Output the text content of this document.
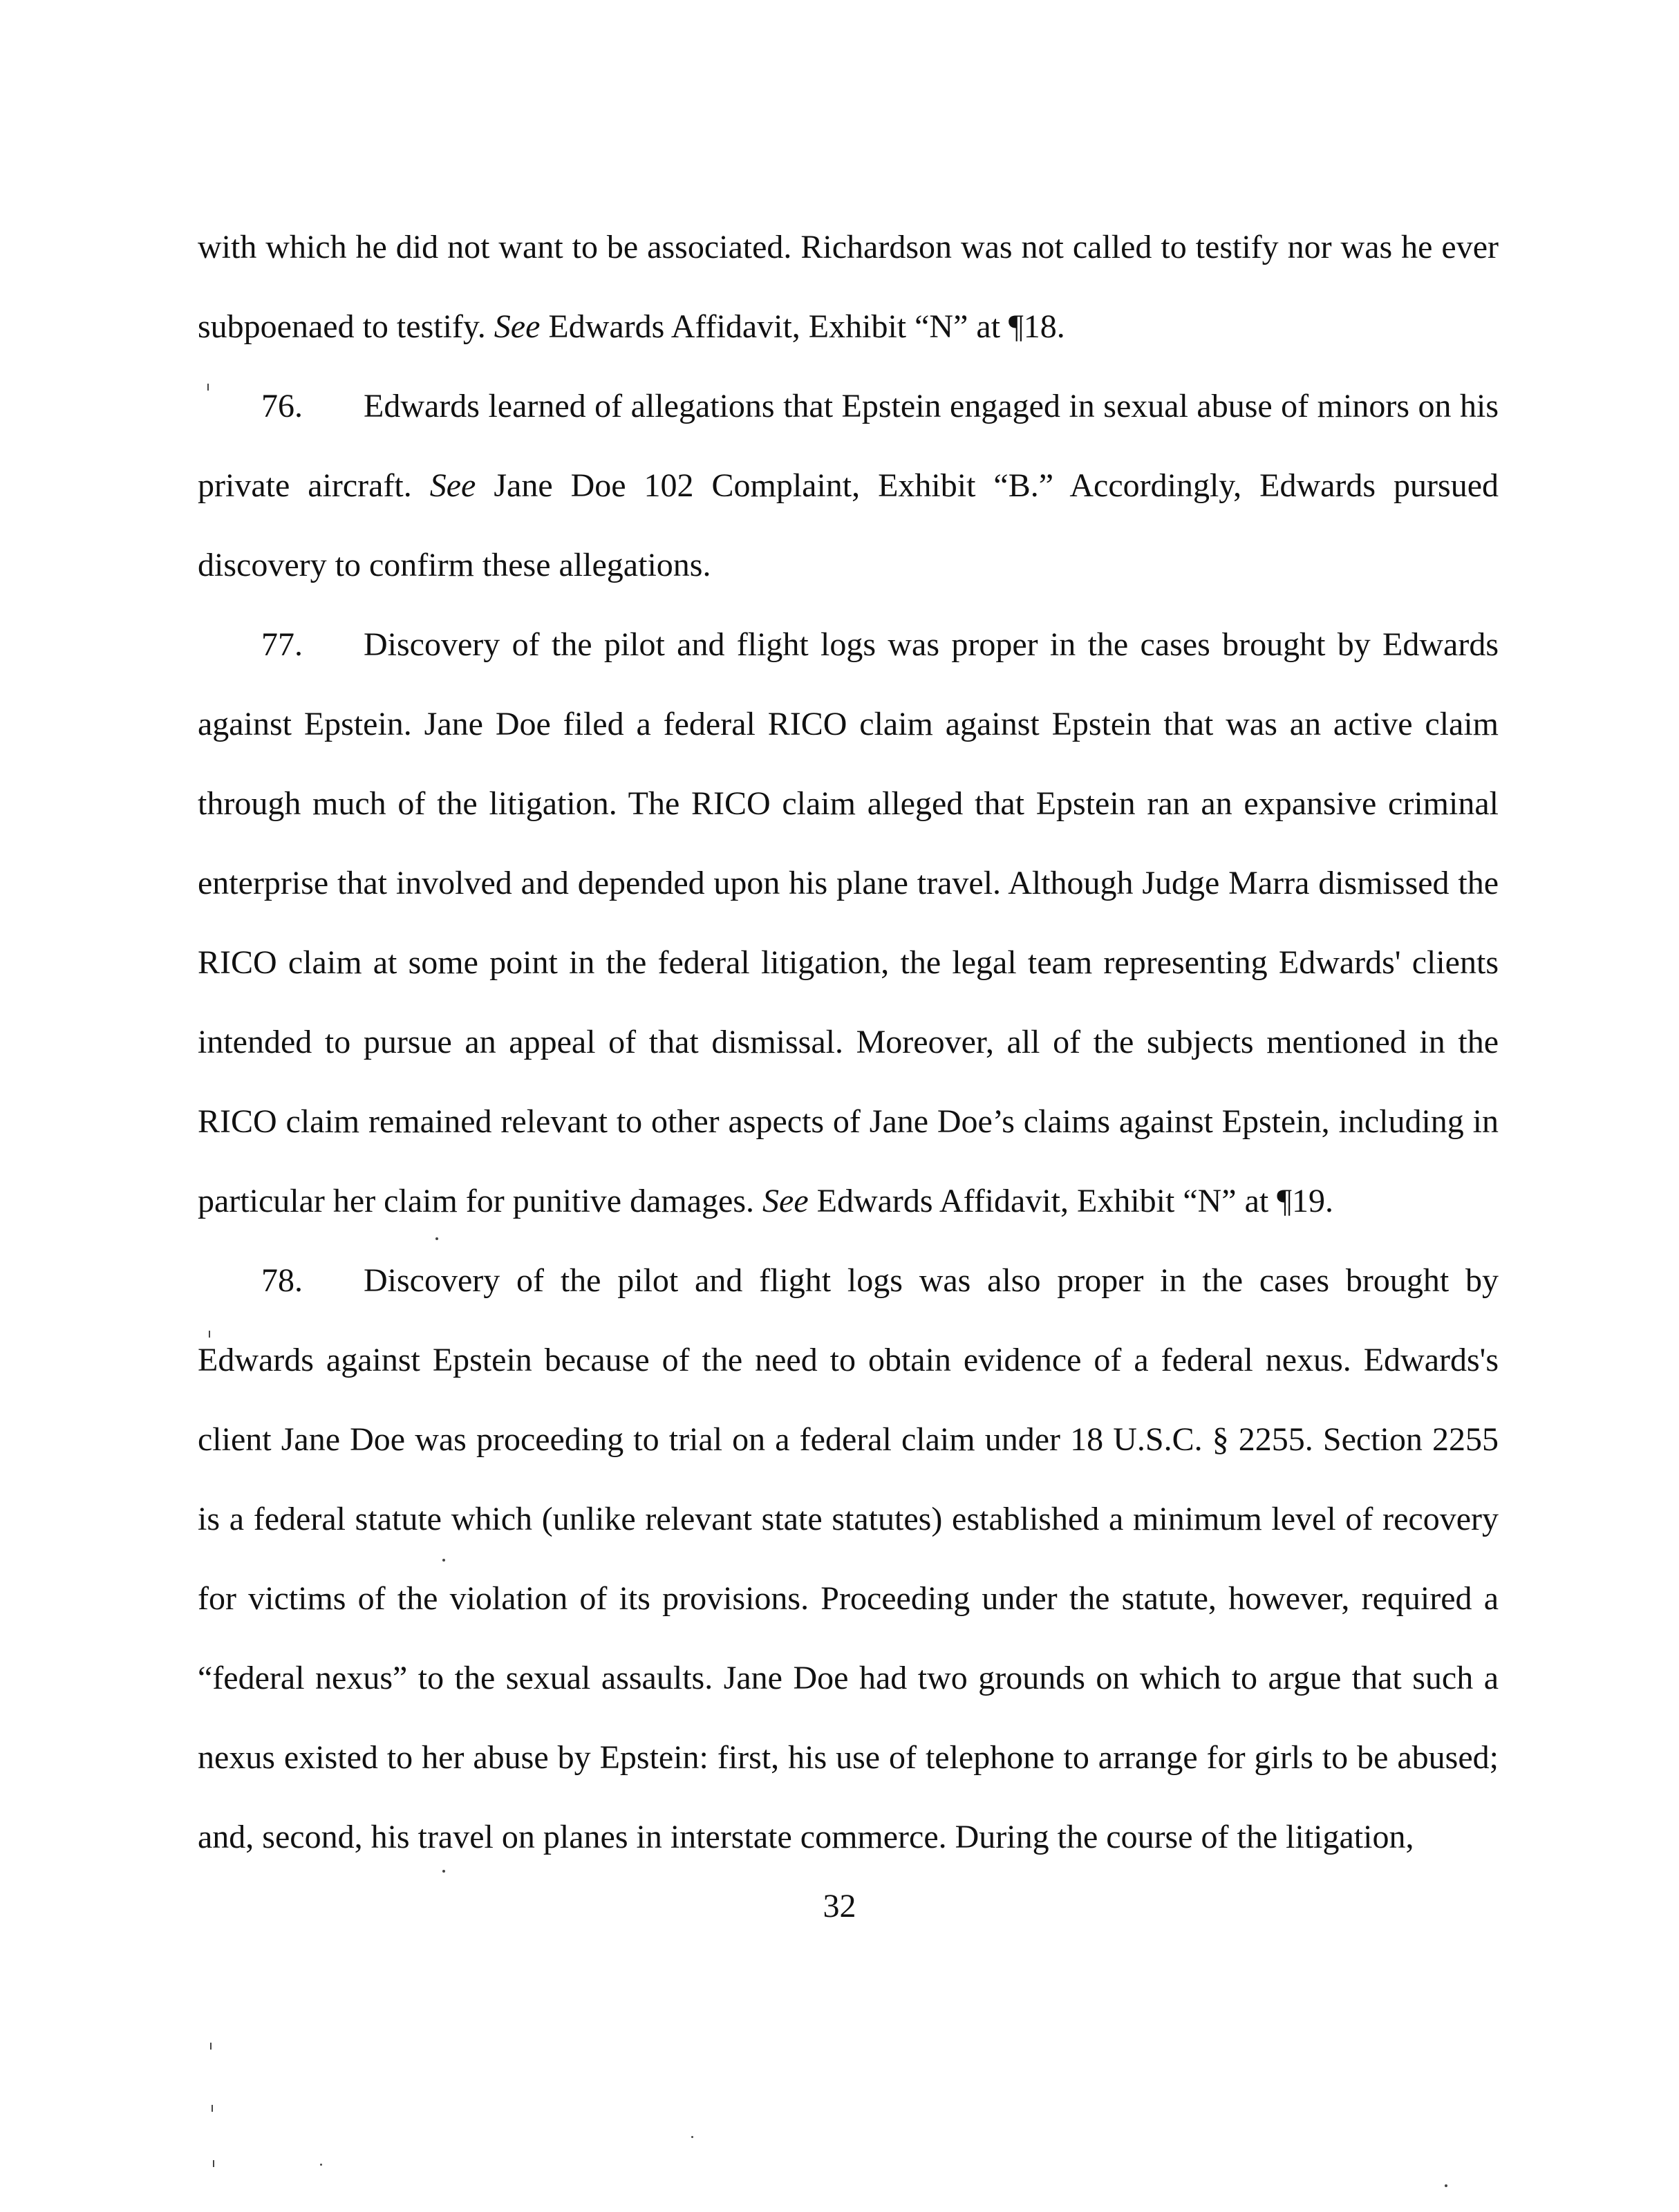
with which he did not want to be associated. Richardson was not called to testify nor was he ever subpoenaed to testify. See Edwards Affidavit, Exhibit “N” at ¶18.

76. Edwards learned of allegations that Epstein engaged in sexual abuse of minors on his private aircraft. See Jane Doe 102 Complaint, Exhibit “B.” Accordingly, Edwards pursued discovery to confirm these allegations.

77. Discovery of the pilot and flight logs was proper in the cases brought by Edwards against Epstein. Jane Doe filed a federal RICO claim against Epstein that was an active claim through much of the litigation. The RICO claim alleged that Epstein ran an expansive criminal enterprise that involved and depended upon his plane travel. Although Judge Marra dismissed the RICO claim at some point in the federal litigation, the legal team representing Edwards' clients intended to pursue an appeal of that dismissal. Moreover, all of the subjects mentioned in the RICO claim remained relevant to other aspects of Jane Doe’s claims against Epstein, including in particular her claim for punitive damages. See Edwards Affidavit, Exhibit “N” at ¶19.

78. Discovery of the pilot and flight logs was also proper in the cases brought by Edwards against Epstein because of the need to obtain evidence of a federal nexus. Edwards's client Jane Doe was proceeding to trial on a federal claim under 18 U.S.C. § 2255. Section 2255 is a federal statute which (unlike relevant state statutes) established a minimum level of recovery for victims of the violation of its provisions. Proceeding under the statute, however, required a “federal nexus” to the sexual assaults. Jane Doe had two grounds on which to argue that such a nexus existed to her abuse by Epstein: first, his use of telephone to arrange for girls to be abused; and, second, his travel on planes in interstate commerce. During the course of the litigation,

32
